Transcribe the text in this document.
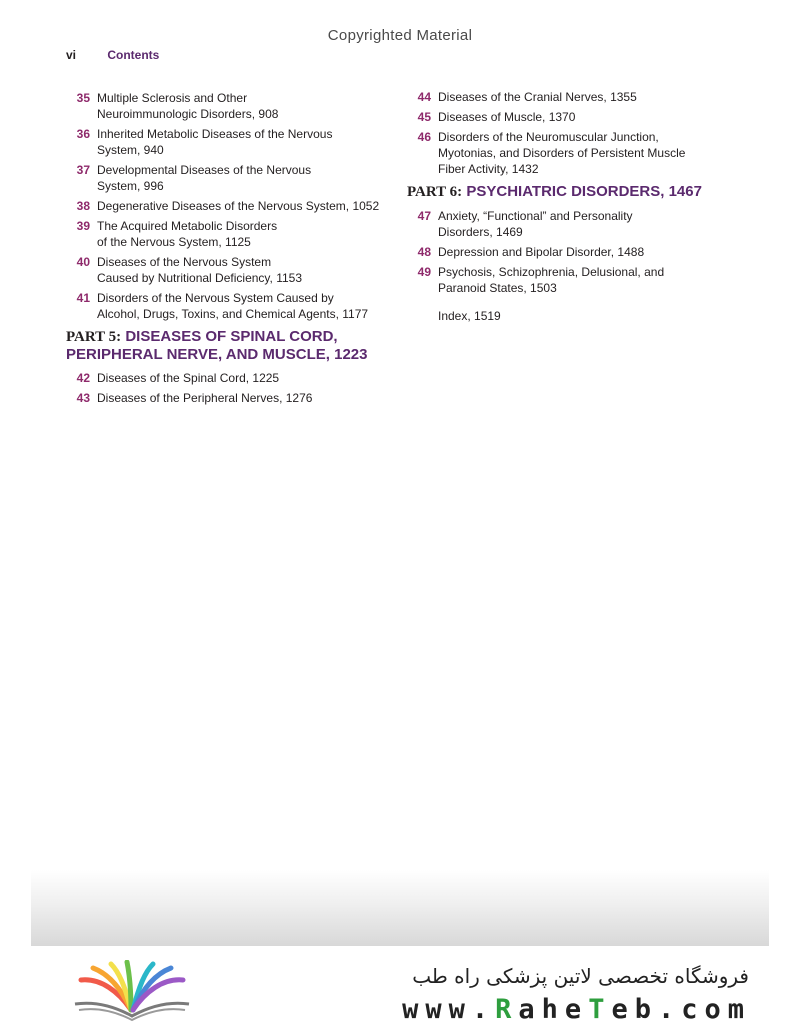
Copyrighted Material
vi	Contents
35 Multiple Sclerosis and Other
Neuroimmunologic Disorders, 908
36 Inherited Metabolic Diseases of the Nervous
System, 940
37 Developmental Diseases of the Nervous
System, 996
38 Degenerative Diseases of the Nervous System, 1052
39 The Acquired Metabolic Disorders
of the Nervous System, 1125
40 Diseases of the Nervous System
Caused by Nutritional Deficiency, 1153
41 Disorders of the Nervous System Caused by
Alcohol, Drugs, Toxins, and Chemical Agents, 1177
PART 5: DISEASES OF SPINAL CORD,
PERIPHERAL NERVE, AND MUSCLE, 1223
42 Diseases of the Spinal Cord, 1225
43 Diseases of the Peripheral Nerves, 1276
44 Diseases of the Cranial Nerves, 1355
45 Diseases of Muscle, 1370
46 Disorders of the Neuromuscular Junction,
Myotonias, and Disorders of Persistent Muscle
Fiber Activity, 1432
PART 6: PSYCHIATRIC DISORDERS, 1467
47 Anxiety, “Functional” and Personality
Disorders, 1469
48 Depression and Bipolar Disorder, 1488
49 Psychosis, Schizophrenia, Delusional, and
Paranoid States, 1503
Index, 1519
فروشگاه تخصصی لاتین پزشکی راه طب
www.RaheTeb.com
